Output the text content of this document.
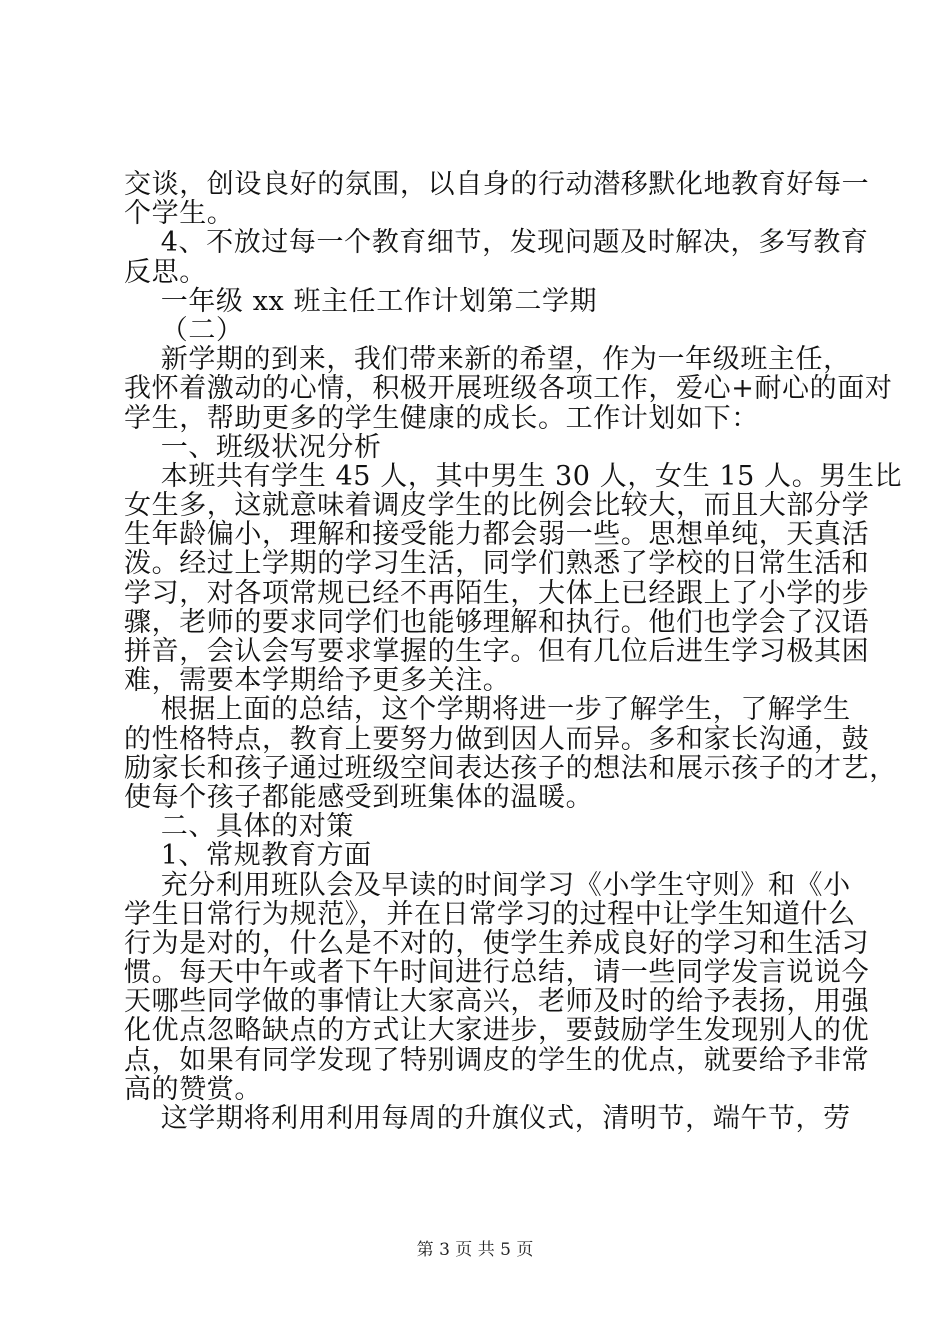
交谈，创设良好的氛围，以自身的行动潜移默化地教育好每一
个学生。
4、不放过每一个教育细节，发现问题及时解决，多写教育
反思。
一年级 xx 班主任工作计划第二学期
（二）
新学期的到来，我们带来新的希望，作为一年级班主任，
我怀着激动的心情，积极开展班级各项工作，爱心+耐心的面对
学生，帮助更多的学生健康的成长。工作计划如下：
一、班级状况分析
本班共有学生 45 人，其中男生 30 人，女生 15 人。男生比
女生多，这就意味着调皮学生的比例会比较大，而且大部分学
生年龄偏小，理解和接受能力都会弱一些。思想单纯，天真活
泼。经过上学期的学习生活，同学们熟悉了学校的日常生活和
学习，对各项常规已经不再陌生，大体上已经跟上了小学的步
骤，老师的要求同学们也能够理解和执行。他们也学会了汉语
拼音，会认会写要求掌握的生字。但有几位后进生学习极其困
难，需要本学期给予更多关注。
根据上面的总结，这个学期将进一步了解学生，了解学生
的性格特点，教育上要努力做到因人而异。多和家长沟通，鼓
励家长和孩子通过班级空间表达孩子的想法和展示孩子的才艺，
使每个孩子都能感受到班集体的温暖。
二、具体的对策
1、常规教育方面
充分利用班队会及早读的时间学习《小学生守则》和《小
学生日常行为规范》，并在日常学习的过程中让学生知道什么
行为是对的，什么是不对的，使学生养成良好的学习和生活习
惯。每天中午或者下午时间进行总结，请一些同学发言说说今
天哪些同学做的事情让大家高兴，老师及时的给予表扬，用强
化优点忽略缺点的方式让大家进步，要鼓励学生发现别人的优
点，如果有同学发现了特别调皮的学生的优点，就要给予非常
高的赞赏。
这学期将利用利用每周的升旗仪式，清明节，端午节，劳
第 3 页 共 5 页
